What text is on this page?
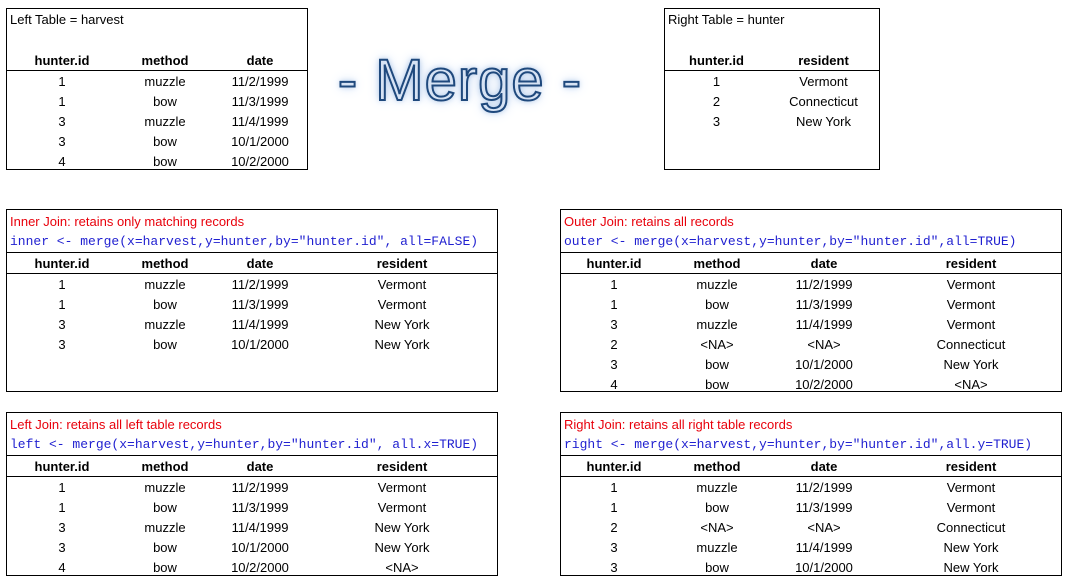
Left Table = harvest
hunter.id	method	date
1	muzzle	11/2/1999
1	bow	11/3/1999
3	muzzle	11/4/1999
3	bow	10/1/2000
4	bow	10/2/2000
- Merge -
Right Table = hunter
hunter.id	resident
1	Vermont
2	Connecticut
3	New York
Inner Join: retains only matching records
inner <- merge(x=harvest,y=hunter,by="hunter.id", all=FALSE)
hunter.id	method	date	resident
1	muzzle	11/2/1999	Vermont
1	bow	11/3/1999	Vermont
3	muzzle	11/4/1999	New York
3	bow	10/1/2000	New York
Outer Join: retains all records
outer <- merge(x=harvest,y=hunter,by="hunter.id",all=TRUE)
hunter.id	method	date	resident
1	muzzle	11/2/1999	Vermont
1	bow	11/3/1999	Vermont
3	muzzle	11/4/1999	Vermont
2	<NA>	<NA>	Connecticut
3	bow	10/1/2000	New York
4	bow	10/2/2000	<NA>
Left Join: retains all left table records
left <- merge(x=harvest,y=hunter,by="hunter.id", all.x=TRUE)
hunter.id	method	date	resident
1	muzzle	11/2/1999	Vermont
1	bow	11/3/1999	Vermont
3	muzzle	11/4/1999	New York
3	bow	10/1/2000	New York
4	bow	10/2/2000	<NA>
Right Join: retains all right table records
right <- merge(x=harvest,y=hunter,by="hunter.id",all.y=TRUE)
hunter.id	method	date	resident
1	muzzle	11/2/1999	Vermont
1	bow	11/3/1999	Vermont
2	<NA>	<NA>	Connecticut
3	muzzle	11/4/1999	New York
3	bow	10/1/2000	New York
